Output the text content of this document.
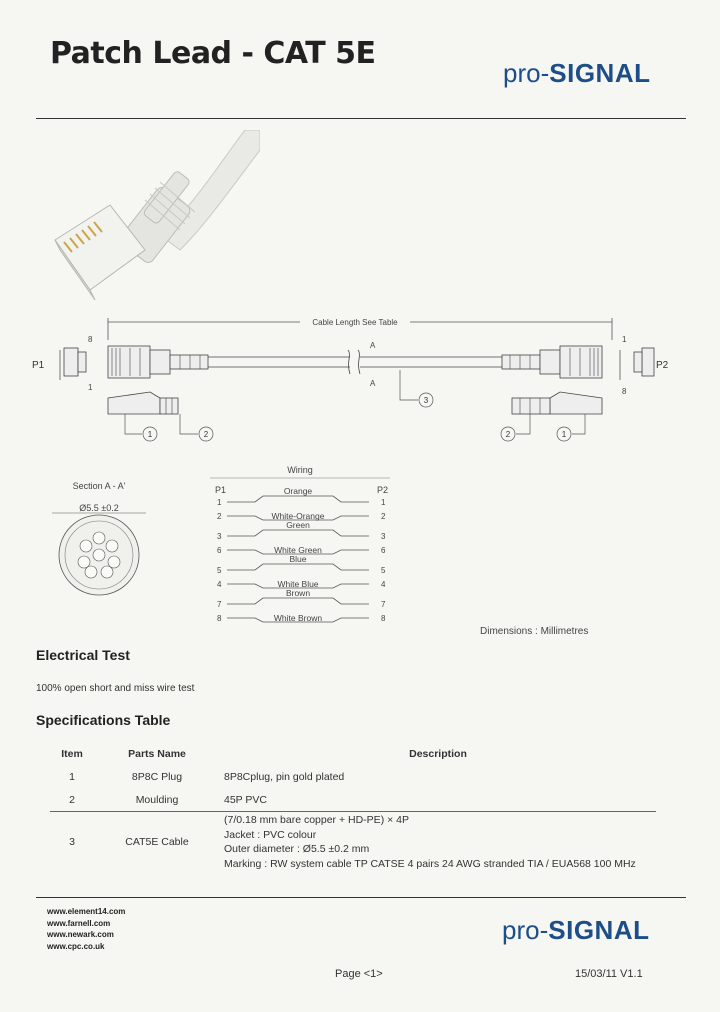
Patch Lead - CAT 5E
pro-SIGNAL
Cable Length See Table
P1	P2
8
1
1
8
A
A
1	2
3
2	1
Section A - A'
Ø5.5 ±0.2
Wiring
P1	P2
1	1
Orange
2	2
White-Orange
3	3
Green
6	6
White Green
5	5
Blue
4	4
White Blue
7	7
Brown
8	8
White Brown
Dimensions : Millimetres
Electrical Test
100% open short and miss wire test
Specifications Table
Item	Parts Name	Description
1	8P8C Plug	8P8Cplug, pin gold plated
2	Moulding	45P PVC
3	CAT5E Cable	(7/0.18 mm bare copper + HD-PE) × 4P
Jacket : PVC colour
Outer diameter : Ø5.5 ±0.2 mm
Marking : RW system cable TP CATSE 4 pairs 24 AWG stranded TIA / EUA568 100 MHz
www.element14.com
www.farnell.com
www.newark.com
www.cpc.co.uk
pro-SIGNAL
Page <1>	15/03/11 V1.1
